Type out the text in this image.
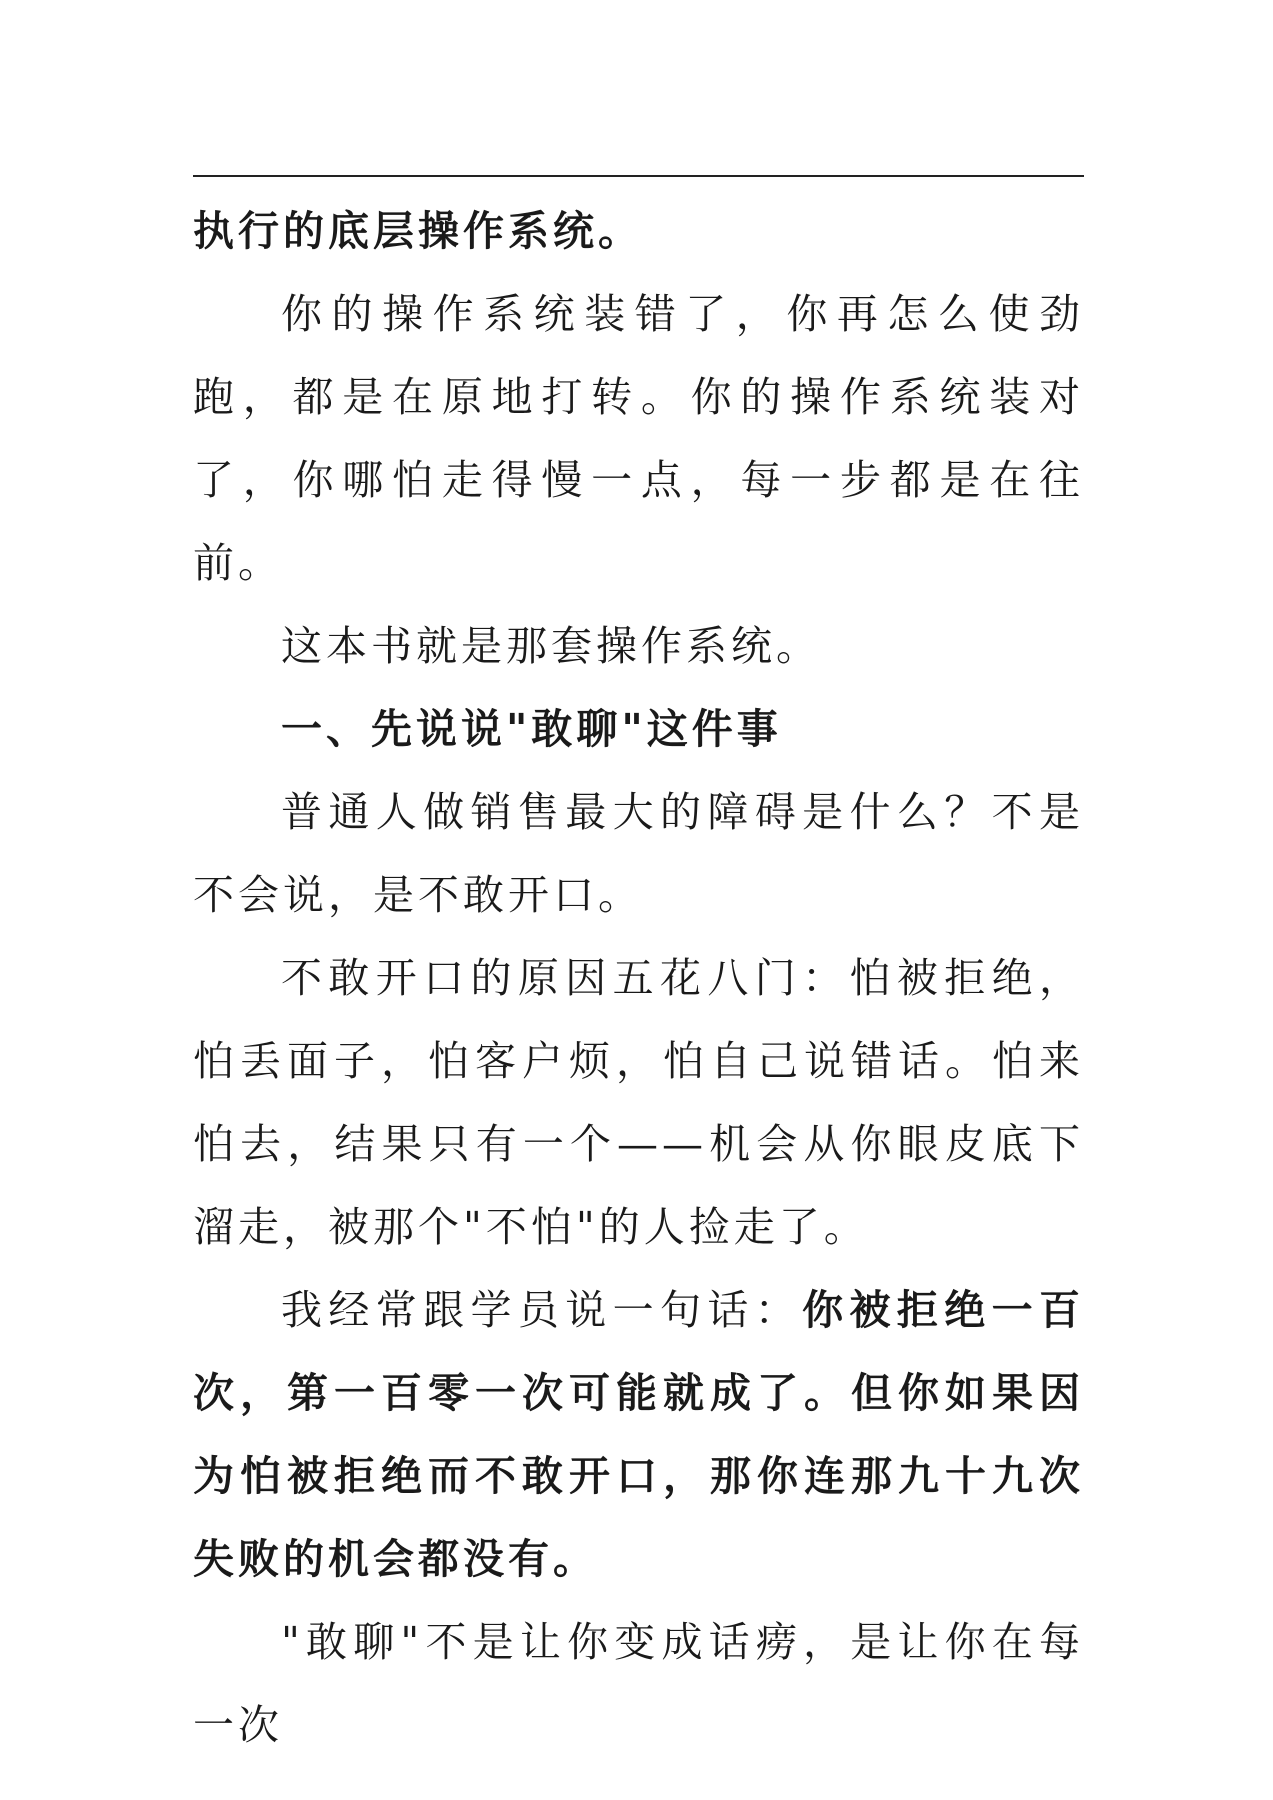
执行的底层操作系统。

你的操作系统装错了，你再怎么使劲跑，都是在原地打转。你的操作系统装对了，你哪怕走得慢一点，每一步都是在往前。

这本书就是那套操作系统。

一、先说说"敢聊"这件事

普通人做销售最大的障碍是什么？不是不会说，是不敢开口。

不敢开口的原因五花八门：怕被拒绝，怕丢面子，怕客户烦，怕自己说错话。怕来怕去，结果只有一个——机会从你眼皮底下溜走，被那个"不怕"的人捡走了。

我经常跟学员说一句话：你被拒绝一百次，第一百零一次可能就成了。但你如果因为怕被拒绝而不敢开口，那你连那九十九次失败的机会都没有。

"敢聊"不是让你变成话痨，是让你在每一次
